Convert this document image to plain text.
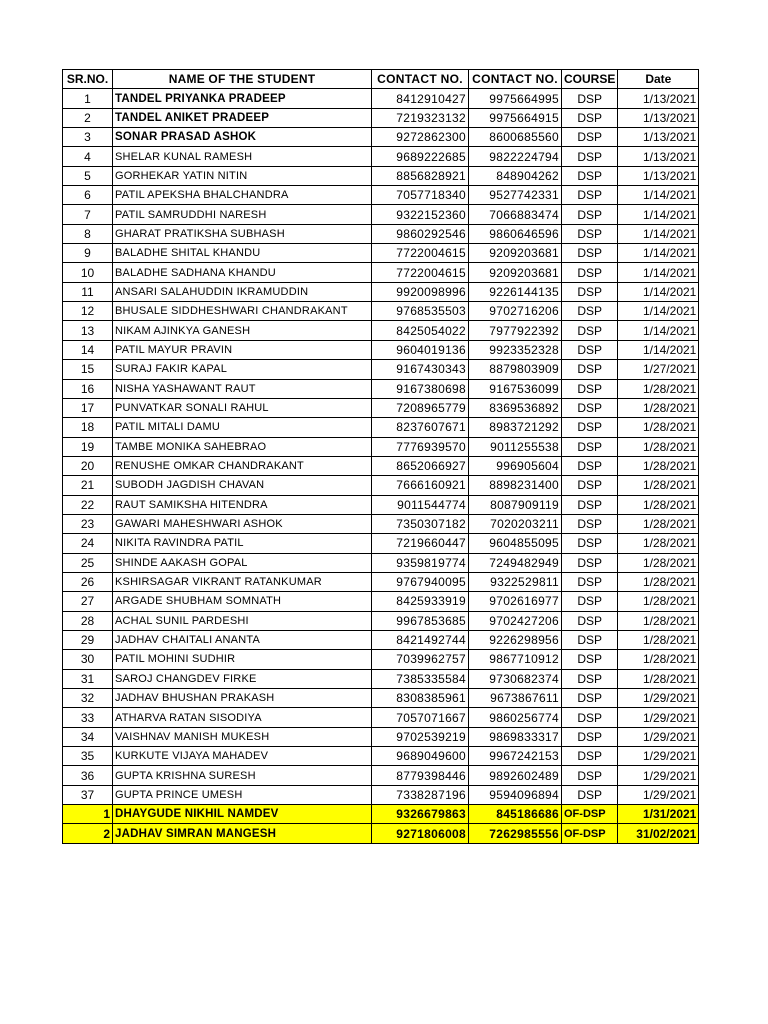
SR.NO.	NAME OF THE STUDENT	CONTACT NO.	CONTACT NO.	COURSE	Date
1	TANDEL PRIYANKA PRADEEP	8412910427	9975664995	DSP	1/13/2021
2	TANDEL ANIKET PRADEEP	7219323132	9975664915	DSP	1/13/2021
3	SONAR PRASAD ASHOK	9272862300	8600685560	DSP	1/13/2021
4	SHELAR KUNAL RAMESH	9689222685	9822224794	DSP	1/13/2021
5	GORHEKAR YATIN NITIN	8856828921	848904262	DSP	1/13/2021
6	PATIL APEKSHA BHALCHANDRA	7057718340	9527742331	DSP	1/14/2021
7	PATIL SAMRUDDHI NARESH	9322152360	7066883474	DSP	1/14/2021
8	GHARAT PRATIKSHA SUBHASH	9860292546	9860646596	DSP	1/14/2021
9	BALADHE SHITAL KHANDU	7722004615	9209203681	DSP	1/14/2021
10	BALADHE SADHANA KHANDU	7722004615	9209203681	DSP	1/14/2021
11	ANSARI SALAHUDDIN IKRAMUDDIN	9920098996	9226144135	DSP	1/14/2021
12	BHUSALE SIDDHESHWARI CHANDRAKANT	9768535503	9702716206	DSP	1/14/2021
13	NIKAM AJINKYA GANESH	8425054022	7977922392	DSP	1/14/2021
14	PATIL MAYUR PRAVIN	9604019136	9923352328	DSP	1/14/2021
15	SURAJ FAKIR KAPAL	9167430343	8879803909	DSP	1/27/2021
16	NISHA YASHAWANT RAUT	9167380698	9167536099	DSP	1/28/2021
17	PUNVATKAR SONALI RAHUL	7208965779	8369536892	DSP	1/28/2021
18	PATIL MITALI DAMU	8237607671	8983721292	DSP	1/28/2021
19	TAMBE MONIKA SAHEBRAO	7776939570	9011255538	DSP	1/28/2021
20	RENUSHE OMKAR CHANDRAKANT	8652066927	996905604	DSP	1/28/2021
21	SUBODH JAGDISH CHAVAN	7666160921	8898231400	DSP	1/28/2021
22	RAUT SAMIKSHA HITENDRA	9011544774	8087909119	DSP	1/28/2021
23	GAWARI MAHESHWARI ASHOK	7350307182	7020203211	DSP	1/28/2021
24	NIKITA RAVINDRA PATIL	7219660447	9604855095	DSP	1/28/2021
25	SHINDE AAKASH GOPAL	9359819774	7249482949	DSP	1/28/2021
26	KSHIRSAGAR VIKRANT RATANKUMAR	9767940095	9322529811	DSP	1/28/2021
27	ARGADE SHUBHAM SOMNATH	8425933919	9702616977	DSP	1/28/2021
28	ACHAL SUNIL PARDESHI	9967853685	9702427206	DSP	1/28/2021
29	JADHAV CHAITALI ANANTA	8421492744	9226298956	DSP	1/28/2021
30	PATIL MOHINI SUDHIR	7039962757	9867710912	DSP	1/28/2021
31	SAROJ CHANGDEV FIRKE	7385335584	9730682374	DSP	1/28/2021
32	JADHAV BHUSHAN PRAKASH	8308385961	9673867611	DSP	1/29/2021
33	ATHARVA RATAN SISODIYA	7057071667	9860256774	DSP	1/29/2021
34	VAISHNAV MANISH MUKESH	9702539219	9869833317	DSP	1/29/2021
35	KURKUTE VIJAYA MAHADEV	9689049600	9967242153	DSP	1/29/2021
36	GUPTA KRISHNA SURESH	8779398446	9892602489	DSP	1/29/2021
37	GUPTA PRINCE UMESH	7338287196	9594096894	DSP	1/29/2021
1	DHAYGUDE NIKHIL NAMDEV	9326679863	845186686	OF-DSP	1/31/2021
2	JADHAV SIMRAN MANGESH	9271806008	7262985556	OF-DSP	31/02/2021
